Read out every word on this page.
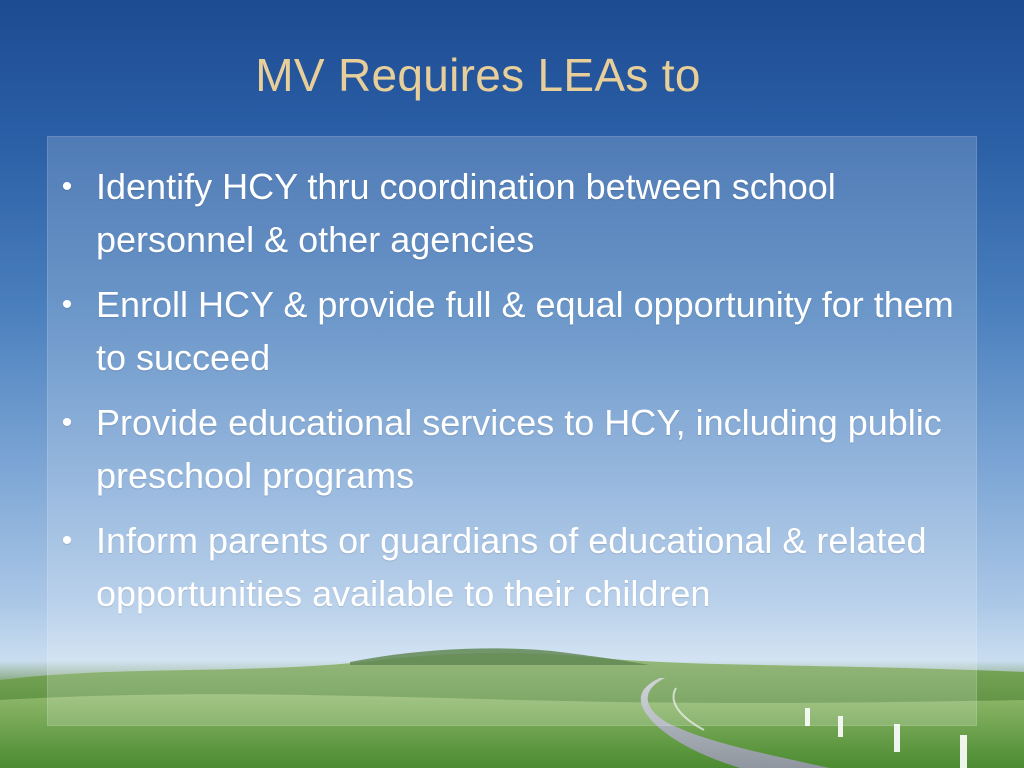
MV Requires LEAs to
• Identify HCY thru coordination between school personnel & other agencies
• Enroll HCY & provide full & equal opportunity for them to succeed
• Provide educational services to HCY, including public preschool programs
• Inform parents or guardians of educational & related opportunities available to their children
